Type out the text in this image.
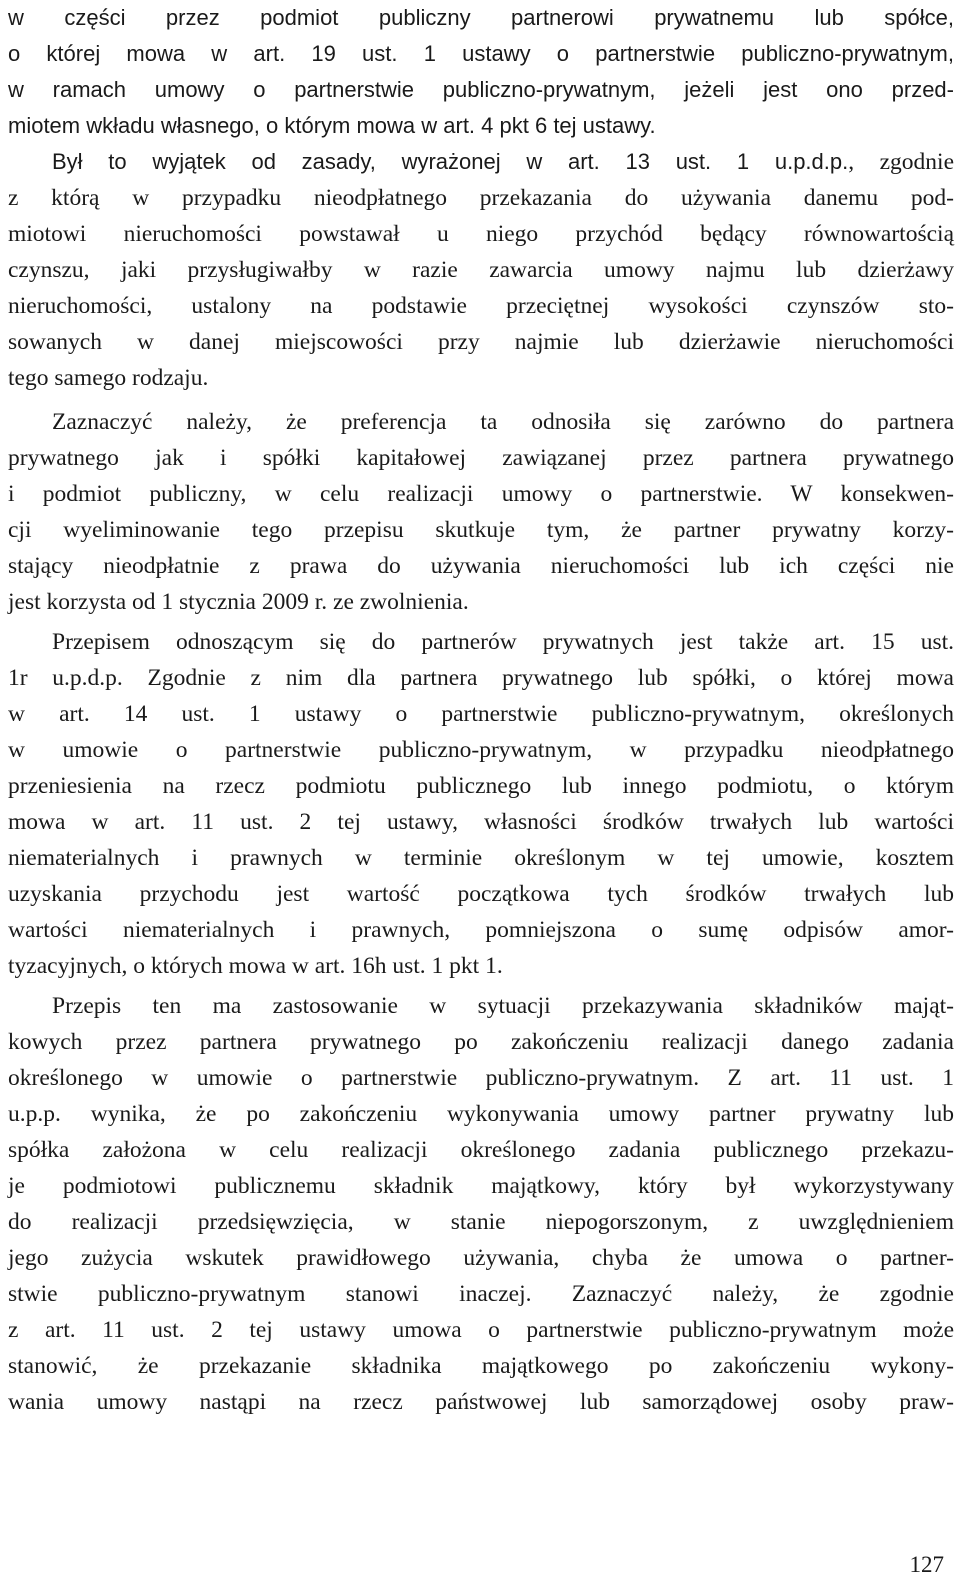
w części przez podmiot publiczny partnerowi prywatnemu lub spółce,
o której mowa w art. 19 ust. 1 ustawy o partnerstwie publiczno-prywatnym,
w ramach umowy o partnerstwie publiczno-prywatnym, jeżeli jest ono przed-
miotem wkładu własnego, o którym mowa w art. 4 pkt 6 tej ustawy.
Był to wyjątek od zasady, wyrażonej w art. 13 ust. 1 u.p.d.p., zgodnie
z którą w przypadku nieodpłatnego przekazania do używania danemu pod-
miotowi nieruchomości powstawał u niego przychód będący równowartością
czynszu, jaki przysługiwałby w razie zawarcia umowy najmu lub dzierżawy
nieruchomości, ustalony na podstawie przeciętnej wysokości czynszów sto-
sowanych w danej miejscowości przy najmie lub dzierżawie nieruchomości
tego samego rodzaju.
Zaznaczyć należy, że preferencja ta odnosiła się zarówno do partnera
prywatnego jak i spółki kapitałowej zawiązanej przez partnera prywatnego
i podmiot publiczny, w celu realizacji umowy o partnerstwie. W konsekwen-
cji wyeliminowanie tego przepisu skutkuje tym, że partner prywatny korzy-
stający nieodpłatnie z prawa do używania nieruchomości lub ich części nie
jest korzysta od 1 stycznia 2009 r. ze zwolnienia.
Przepisem odnoszącym się do partnerów prywatnych jest także art. 15 ust.
1r u.p.d.p. Zgodnie z nim dla partnera prywatnego lub spółki, o której mowa
w art. 14 ust. 1 ustawy o partnerstwie publiczno-prywatnym, określonych
w umowie o partnerstwie publiczno-prywatnym, w przypadku nieodpłatnego
przeniesienia na rzecz podmiotu publicznego lub innego podmiotu, o którym
mowa w art. 11 ust. 2 tej ustawy, własności środków trwałych lub wartości
niematerialnych i prawnych w terminie określonym w tej umowie, kosztem
uzyskania przychodu jest wartość początkowa tych środków trwałych lub
wartości niematerialnych i prawnych, pomniejszona o sumę odpisów amor-
tyzacyjnych, o których mowa w art. 16h ust. 1 pkt 1.
Przepis ten ma zastosowanie w sytuacji przekazywania składników mająt-
kowych przez partnera prywatnego po zakończeniu realizacji danego zadania
określonego w umowie o partnerstwie publiczno-prywatnym. Z art. 11 ust. 1
u.p.p. wynika, że po zakończeniu wykonywania umowy partner prywatny lub
spółka założona w celu realizacji określonego zadania publicznego przekazu-
je podmiotowi publicznemu składnik majątkowy, który był wykorzystywany
do realizacji przedsięwzięcia, w stanie niepogorszonym, z uwzględnieniem
jego zużycia wskutek prawidłowego używania, chyba że umowa o partner-
stwie publiczno-prywatnym stanowi inaczej. Zaznaczyć należy, że zgodnie
z art. 11 ust. 2 tej ustawy umowa o partnerstwie publiczno-prywatnym może
stanowić, że przekazanie składnika majątkowego po zakończeniu wykony-
wania umowy nastąpi na rzecz państwowej lub samorządowej osoby praw-
127
